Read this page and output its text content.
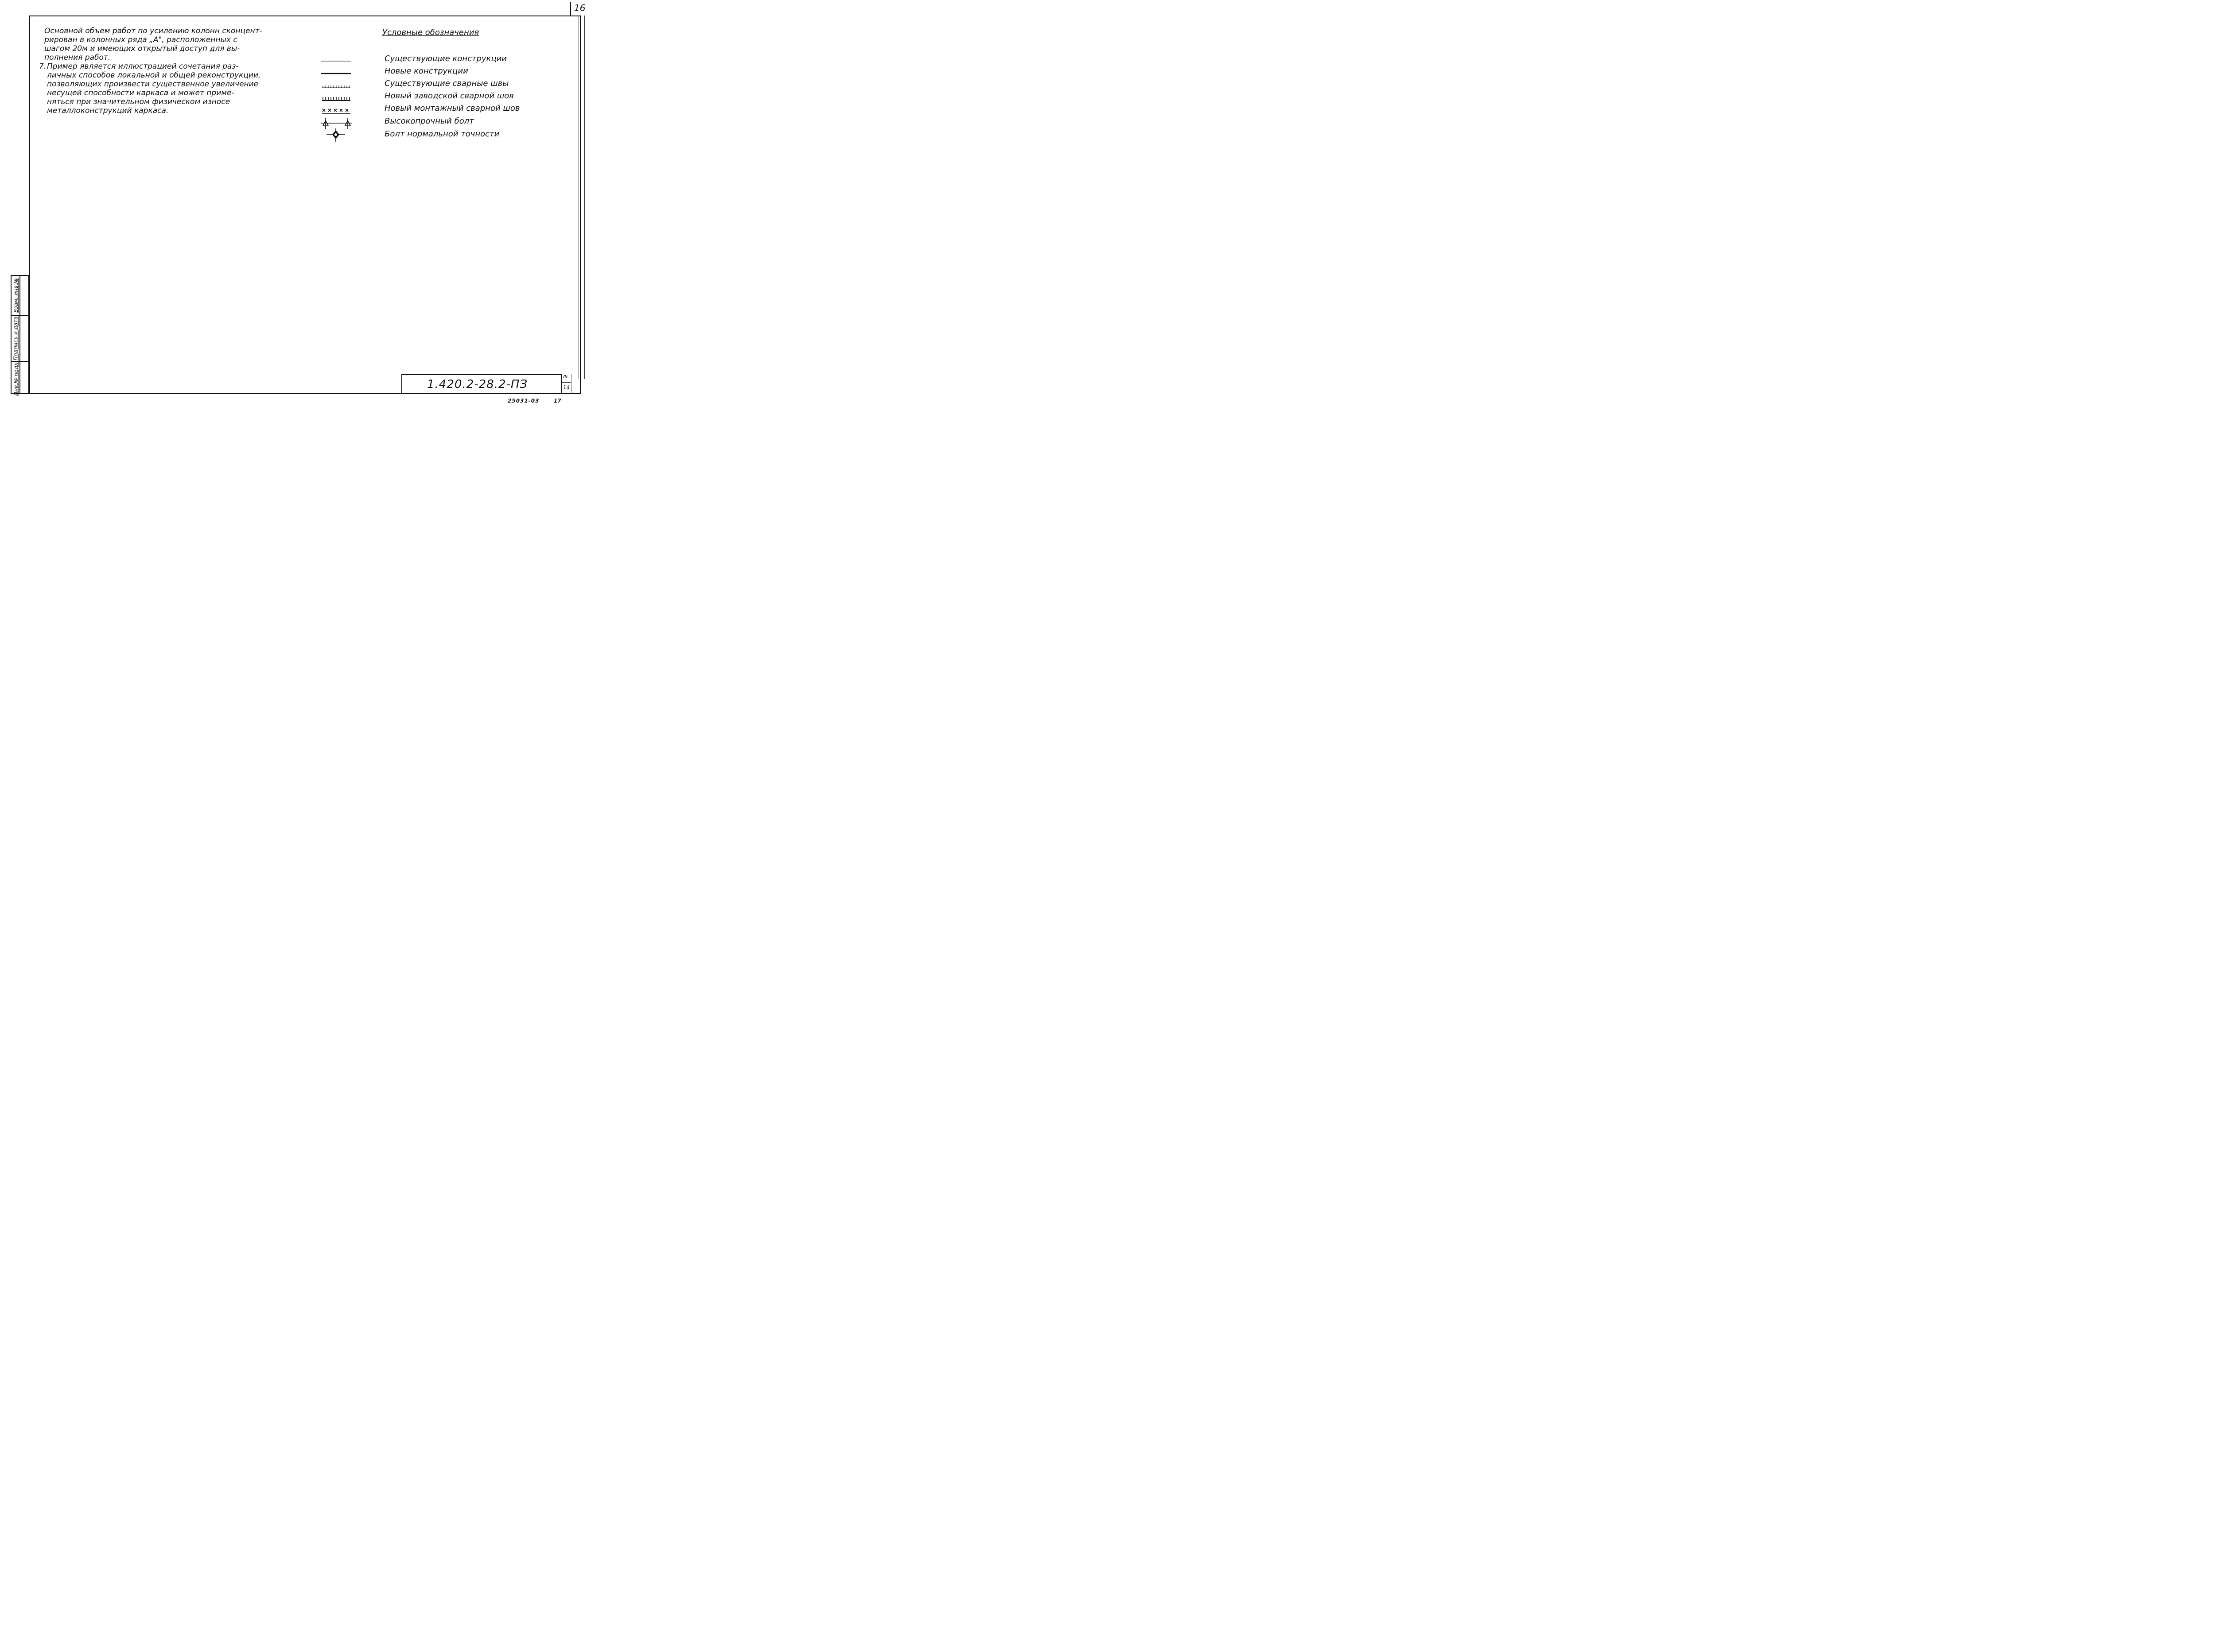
16
Взам. инв.№
Подпись и дата
Инв.№ подл.

Основной объем работ по усилению колонн сконцент-

рирован в колонных ряда „А", расположенных с

шагом 20м и имеющих открытый доступ для вы-

полнения работ.

7. Пример является иллюстрацией сочетания раз-

личных способов локальной и общей реконструкции,

позволяющих произвести существенное увеличение

несущей способности каркаса и может приме-

няться при значительном физическом износе

металлоконструкций каркаса.

Условные обозначения
Существующие конструкции
Новые конструкции
Существующие сварные швы
Новый заводской сварной шов
Новый монтажный сварной шов
Высокопрочный болт
Болт нормальной точности
1.420.2-28.2-ПЗ
Лс
14
25031-03	17
